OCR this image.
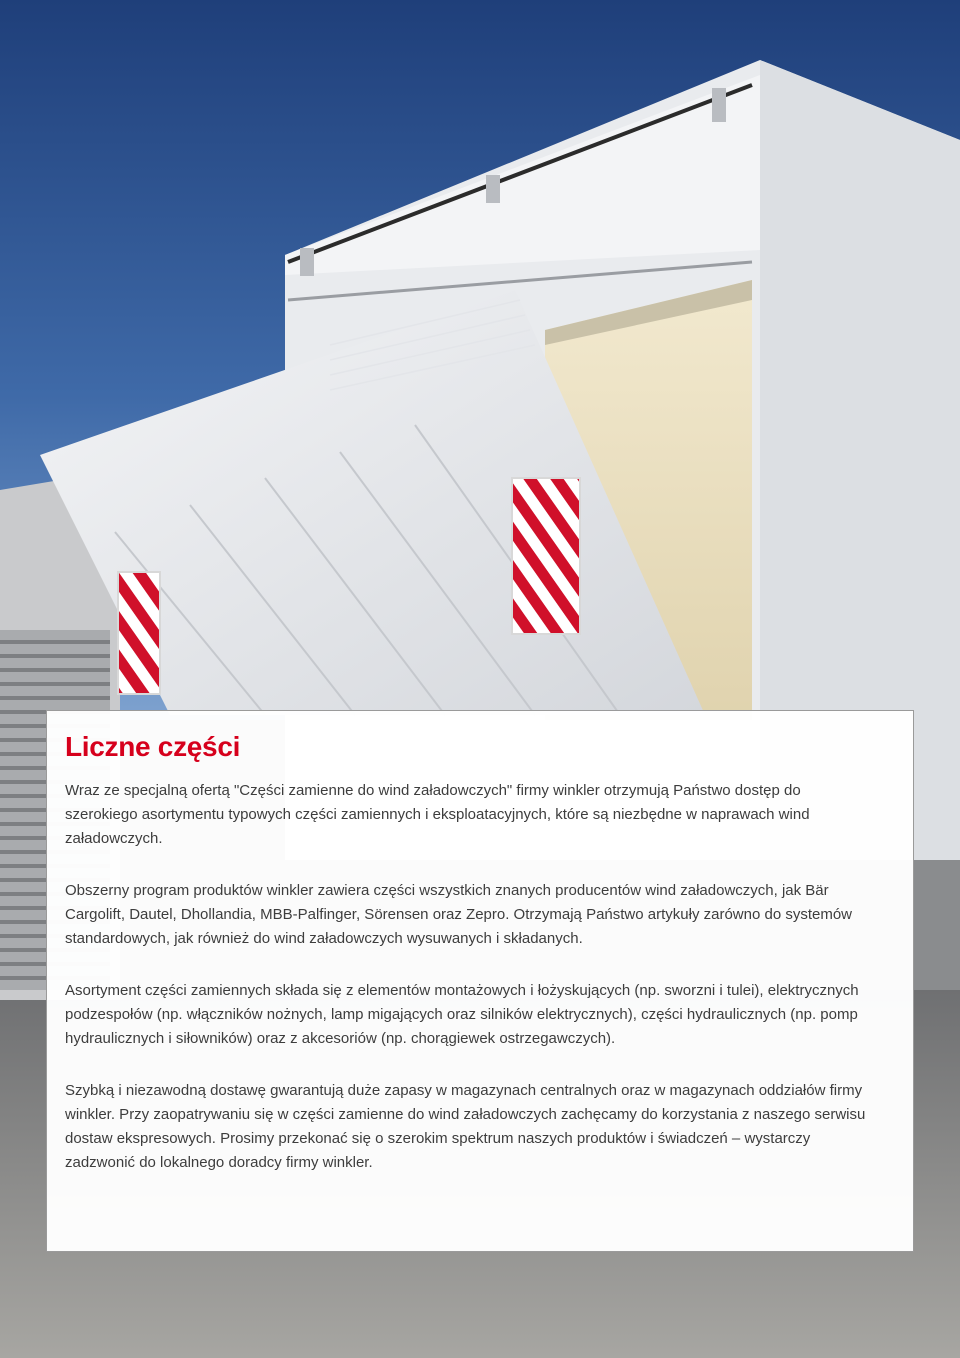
Liczne części

Wraz ze specjalną ofertą "Części zamienne do wind załadowczych" firmy winkler otrzymują Państwo dostęp do szerokiego asortymentu typowych części zamiennych i eksploatacyjnych, które są niezbędne w naprawach wind załadowczych.

Obszerny program produktów winkler zawiera części wszystkich znanych producentów wind załadowczych, jak Bär Cargolift, Dautel, Dhollandia, MBB-Palfinger, Sörensen oraz Zepro. Otrzymają Państwo artykuły zarówno do systemów standardowych, jak również do wind załadowczych wysuwanych i składanych.

Asortyment części zamiennych składa się z elementów montażowych i łożyskujących (np. sworzni i tulei), elektrycznych podzespołów (np. włączników nożnych, lamp migających oraz silników elektrycznych), części hydraulicznych (np. pomp hydraulicznych i siłowników) oraz z akcesoriów (np. chorągiewek ostrzegawczych).

Szybką i niezawodną dostawę gwarantują duże zapasy w magazynach centralnych oraz w magazynach oddziałów firmy winkler. Przy zaopatrywaniu się w części zamienne do wind załadowczych zachęcamy do korzystania z naszego serwisu dostaw ekspresowych. Prosimy przekonać się o szerokim spektrum naszych produktów i świadczeń – wystarczy zadzwonić do lokalnego doradcy firmy winkler.
